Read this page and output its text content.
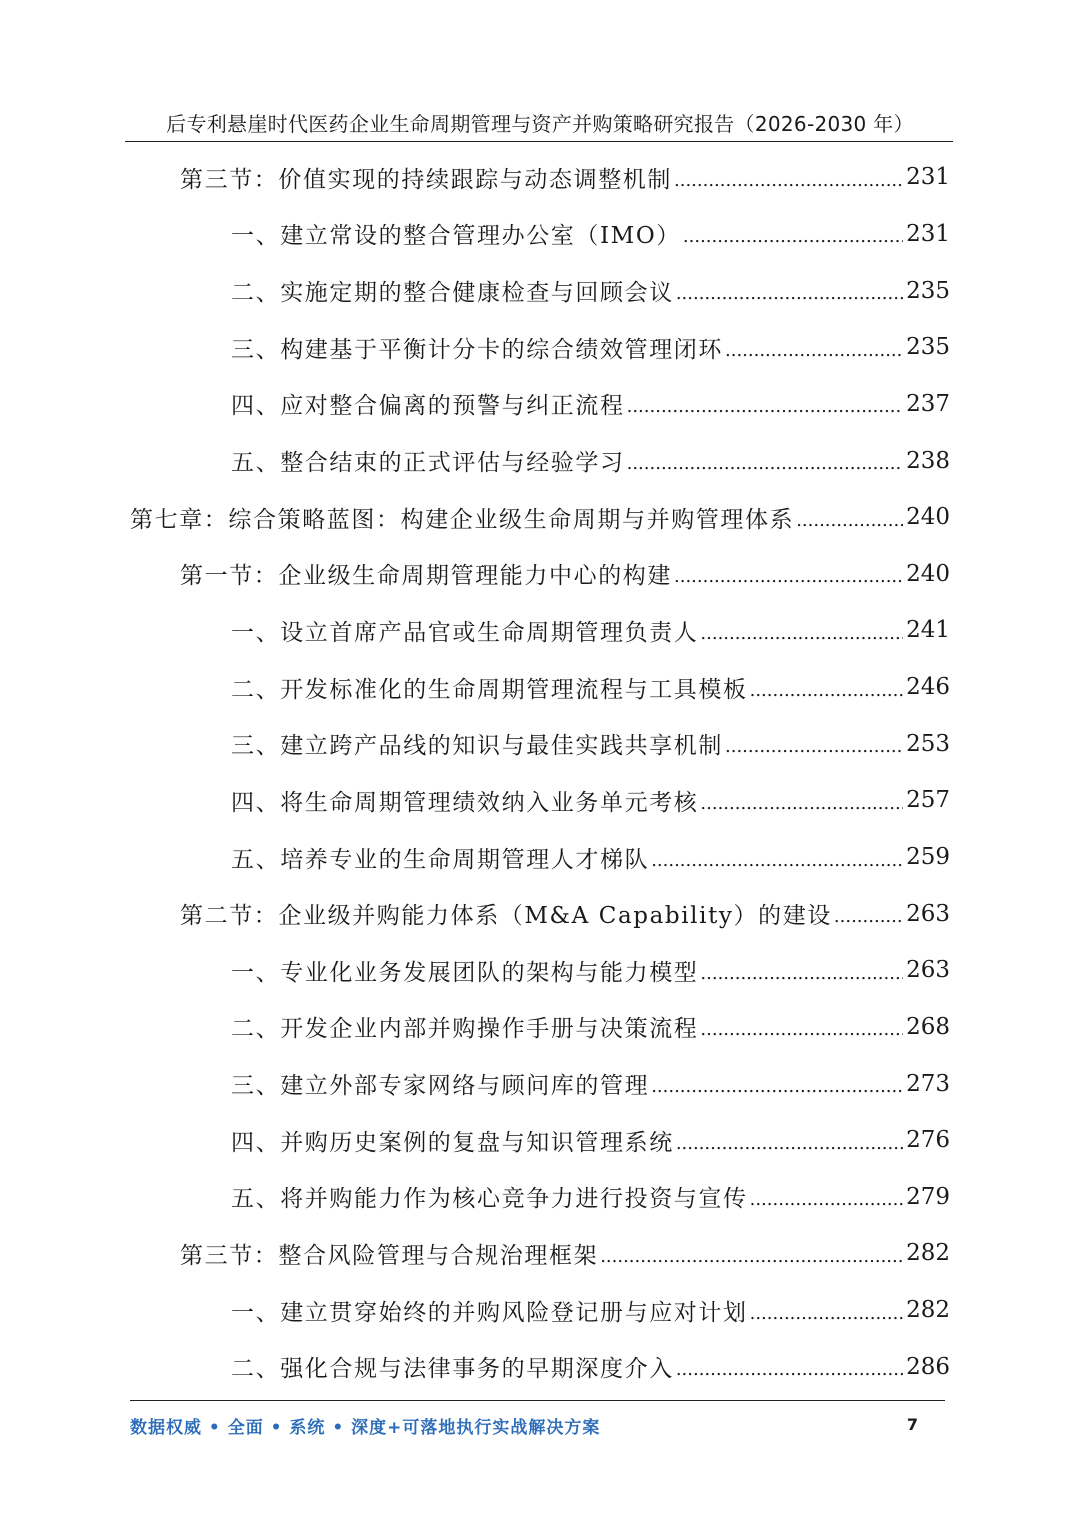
后专利悬崖时代医药企业生命周期管理与资产并购策略研究报告（2026-2030 年）
第三节：价值实现的持续跟踪与动态调整机制 .....	231
一、建立常设的整合管理办公室（IMO） .....	231
二、实施定期的整合健康检查与回顾会议 .....	235
三、构建基于平衡计分卡的综合绩效管理闭环 .....	235
四、应对整合偏离的预警与纠正流程 .....	237
五、整合结束的正式评估与经验学习 .....	238
第七章：综合策略蓝图：构建企业级生命周期与并购管理体系 .....	240
第一节：企业级生命周期管理能力中心的构建 .....	240
一、设立首席产品官或生命周期管理负责人 .....	241
二、开发标准化的生命周期管理流程与工具模板 .....	246
三、建立跨产品线的知识与最佳实践共享机制 .....	253
四、将生命周期管理绩效纳入业务单元考核 .....	257
五、培养专业的生命周期管理人才梯队 .....	259
第二节：企业级并购能力体系（M&A Capability）的建设 .....	263
一、专业化业务发展团队的架构与能力模型 .....	263
二、开发企业内部并购操作手册与决策流程 .....	268
三、建立外部专家网络与顾问库的管理 .....	273
四、并购历史案例的复盘与知识管理系统 .....	276
五、将并购能力作为核心竞争力进行投资与宣传 .....	279
第三节：整合风险管理与合规治理框架 .....	282
一、建立贯穿始终的并购风险登记册与应对计划 .....	282
二、强化合规与法律事务的早期深度介入 .....	286
数据权威 • 全面 • 系统 • 深度+可落地执行实战解决方案	7
